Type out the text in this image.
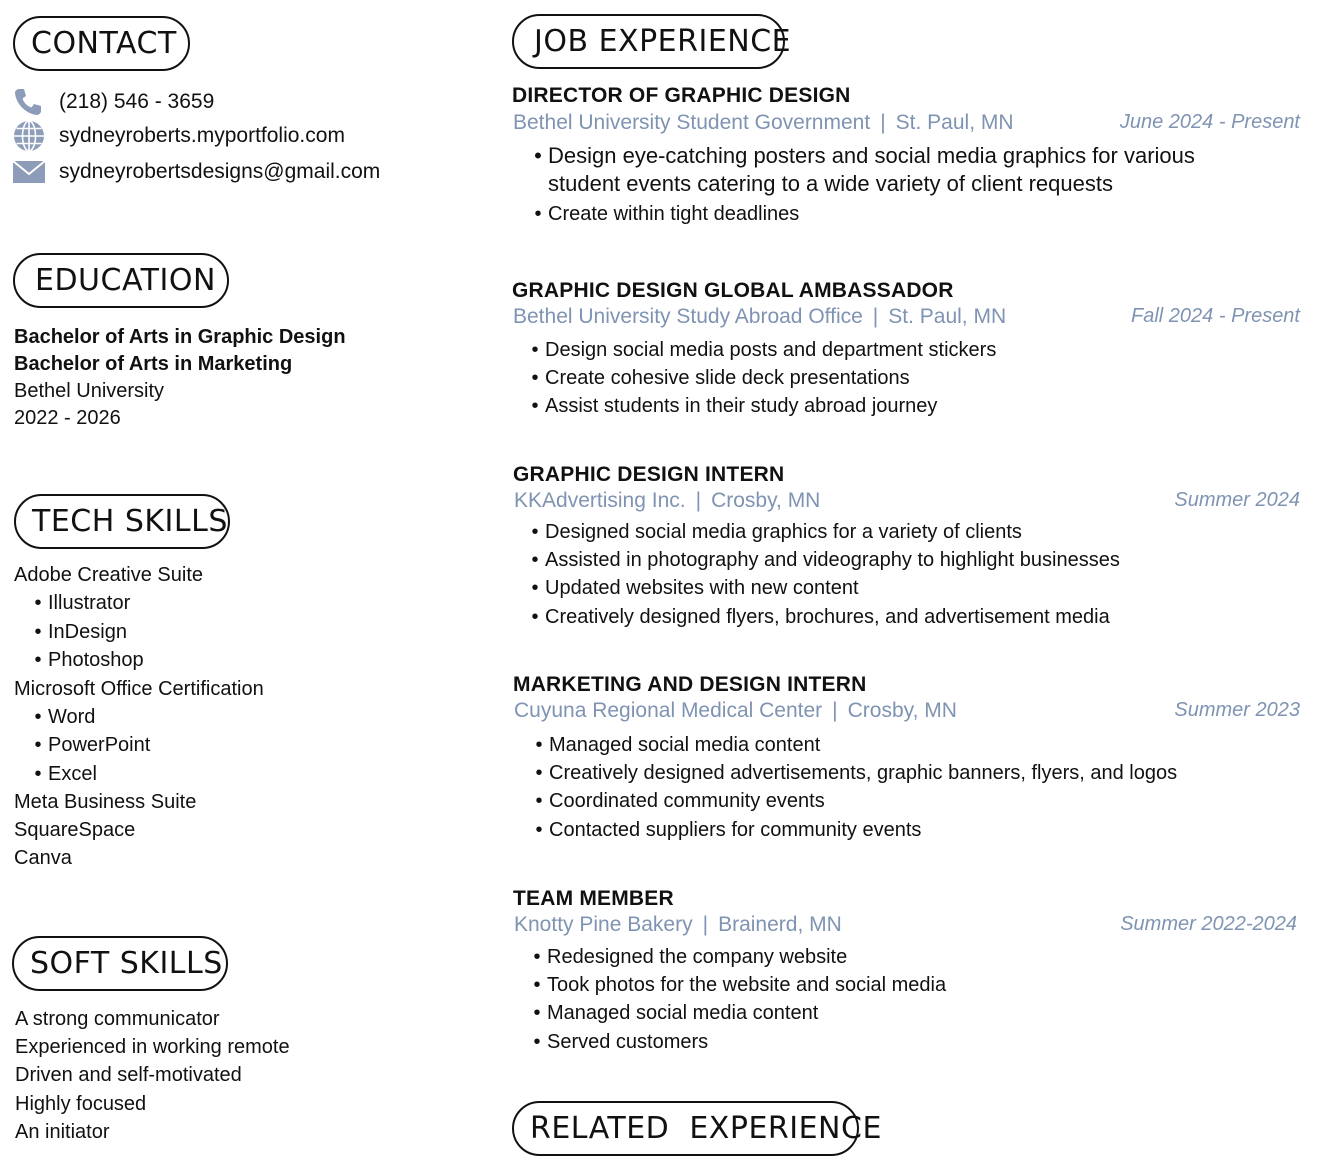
CONTACT
(218) 546 - 3659
sydneyroberts.myportfolio.com
sydneyrobertsdesigns@gmail.com
EDUCATION
Bachelor of Arts in Graphic Design
Bachelor of Arts in Marketing
Bethel University
2022 - 2026
TECH SKILLS
Adobe Creative Suite
• Illustrator
• InDesign
• Photoshop
Microsoft Office Certification
• Word
• PowerPoint
• Excel
Meta Business Suite
SquareSpace
Canva
SOFT SKILLS
A strong communicator
Experienced in working remote
Driven and self-motivated
Highly focused
An initiator
JOB EXPERIENCE
DIRECTOR OF GRAPHIC DESIGN
Bethel University Student Government | St. Paul, MN	June 2024 - Present
• Design eye-catching posters and social media graphics for various
student events catering to a wide variety of client requests
• Create within tight deadlines
GRAPHIC DESIGN GLOBAL AMBASSADOR
Bethel University Study Abroad Office | St. Paul, MN	Fall 2024 - Present
• Design social media posts and department stickers
• Create cohesive slide deck presentations
• Assist students in their study abroad journey
GRAPHIC DESIGN INTERN
KKAdvertising Inc. | Crosby, MN	Summer 2024
• Designed social media graphics for a variety of clients
• Assisted in photography and videography to highlight businesses
• Updated websites with new content
• Creatively designed flyers, brochures, and advertisement media
MARKETING AND DESIGN INTERN
Cuyuna Regional Medical Center | Crosby, MN	Summer 2023
• Managed social media content
• Creatively designed advertisements, graphic banners, flyers, and logos
• Coordinated community events
• Contacted suppliers for community events
TEAM MEMBER
Knotty Pine Bakery | Brainerd, MN	Summer 2022-2024
• Redesigned the company website
• Took photos for the website and social media
• Managed social media content
• Served customers
RELATED  EXPERIENCE
